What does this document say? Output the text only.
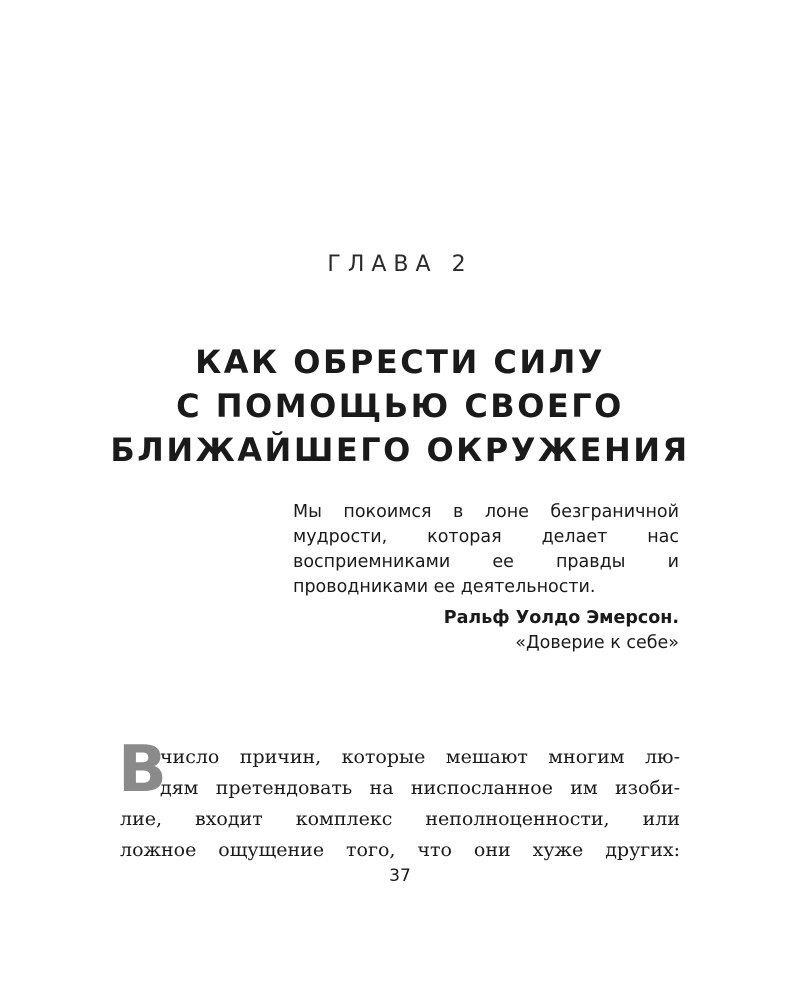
ГЛАВА 2
КАК ОБРЕСТИ СИЛУ
С ПОМОЩЬЮ СВОЕГО
БЛИЖАЙШЕГО ОКРУЖЕНИЯ
Мы покоимся в лоне безграничной мудрости, которая делает нас восприемниками ее правды и проводниками ее деятельности.
Ральф Уолдо Эмерсон.
«Доверие к себе»
В
число причин, которые мешают многим лю-
дям претендовать на ниспосланное им изоби-
лие, входит комплекс неполноценности, или
ложное ощущение того, что они хуже других:
37
